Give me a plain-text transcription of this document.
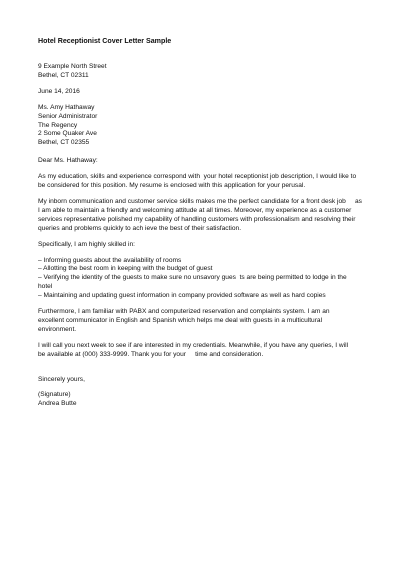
Hotel Receptionist Cover Letter Sample
9 Example North Street
Bethel, CT 02311
June 14, 2016
Ms. Amy Hathaway
Senior Administrator
The Regency
2 Some Quaker Ave
Bethel, CT 02355
Dear Ms. Hathaway:
As my education, skills and experience correspond with  your hotel receptionist job description, I would like to
be considered for this position. My resume is enclosed with this application for your perusal.
My inborn communication and customer service skills makes me the perfect candidate for a front desk job     as
I am able to maintain a friendly and welcoming attitude at all times. Moreover, my experience as a customer
services representative polished my capability of handling customers with professionalism and resolving their
queries and problems quickly to ach ieve the best of their satisfaction.
Specifically, I am highly skilled in:
– Informing guests about the availability of rooms
– Allotting the best room in keeping with the budget of guest
– Verifying the identity of the guests to make sure no unsavory gues  ts are being permitted to lodge in the
hotel
– Maintaining and updating guest information in company provided software as well as hard copies
Furthermore, I am familiar with PABX and computerized reservation and complaints system. I am an
excellent communicator in English and Spanish which helps me deal with guests in a multicultural
environment.
I will call you next week to see if are interested in my credentials. Meanwhile, if you have any queries, I will
be available at (000) 333-9999. Thank you for your     time and consideration.
Sincerely yours,
(Signature)
Andrea Butte
